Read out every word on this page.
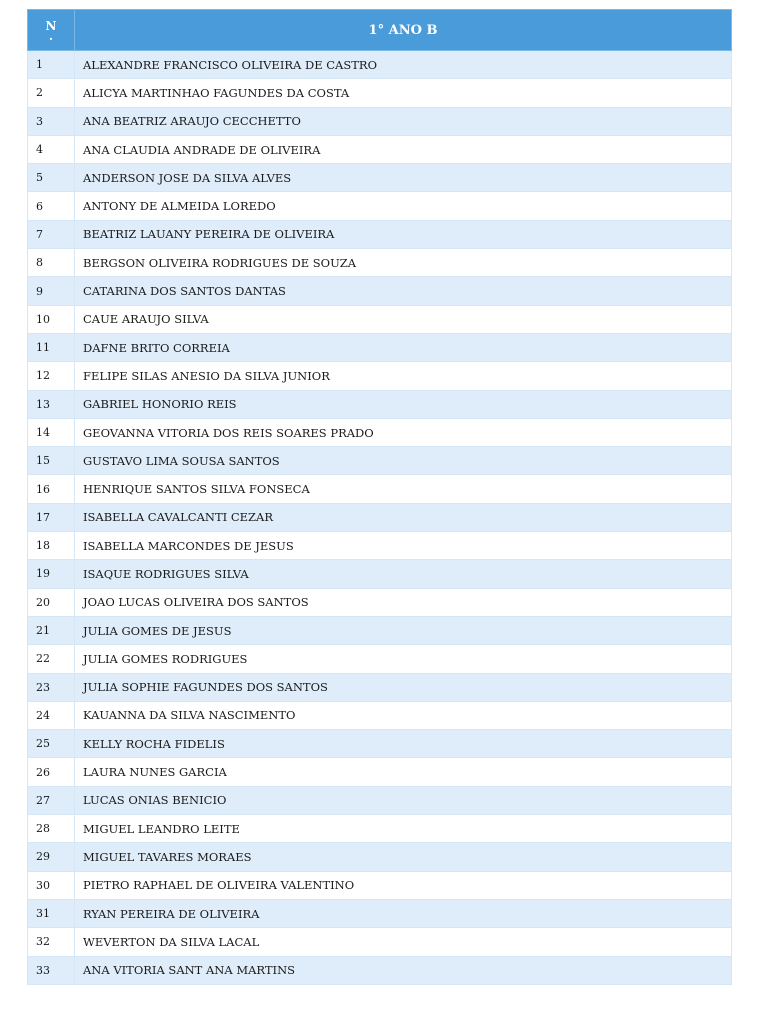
N
.	1° ANO B
1	ALEXANDRE FRANCISCO OLIVEIRA DE CASTRO
2	ALICYA MARTINHAO FAGUNDES DA COSTA
3	ANA BEATRIZ ARAUJO CECCHETTO
4	ANA CLAUDIA ANDRADE DE OLIVEIRA
5	ANDERSON JOSE DA SILVA ALVES
6	ANTONY DE ALMEIDA LOREDO
7	BEATRIZ LAUANY PEREIRA DE OLIVEIRA
8	BERGSON OLIVEIRA RODRIGUES DE SOUZA
9	CATARINA DOS SANTOS DANTAS
10	CAUE ARAUJO SILVA
11	DAFNE BRITO CORREIA
12	FELIPE SILAS ANESIO DA SILVA JUNIOR
13	GABRIEL HONORIO REIS
14	GEOVANNA VITORIA DOS REIS SOARES PRADO
15	GUSTAVO LIMA SOUSA SANTOS
16	HENRIQUE SANTOS SILVA FONSECA
17	ISABELLA CAVALCANTI CEZAR
18	ISABELLA MARCONDES DE JESUS
19	ISAQUE RODRIGUES SILVA
20	JOAO LUCAS OLIVEIRA DOS SANTOS
21	JULIA GOMES DE JESUS
22	JULIA GOMES RODRIGUES
23	JULIA SOPHIE FAGUNDES DOS SANTOS
24	KAUANNA DA SILVA NASCIMENTO
25	KELLY ROCHA FIDELIS
26	LAURA NUNES GARCIA
27	LUCAS ONIAS BENICIO
28	MIGUEL LEANDRO LEITE
29	MIGUEL TAVARES MORAES
30	PIETRO RAPHAEL DE OLIVEIRA VALENTINO
31	RYAN PEREIRA DE OLIVEIRA
32	WEVERTON DA SILVA LACAL
33	ANA VITORIA SANT ANA MARTINS
